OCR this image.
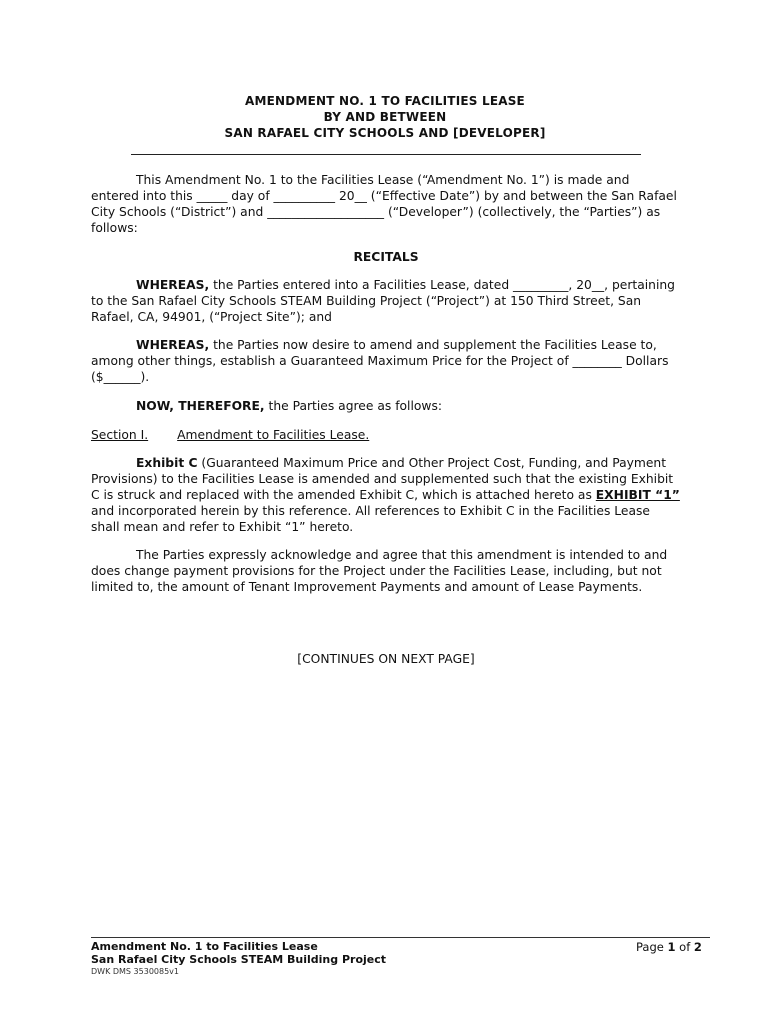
AMENDMENT NO. 1 TO FACILITIES LEASE
BY AND BETWEEN
SAN RAFAEL CITY SCHOOLS AND [DEVELOPER]
This Amendment No. 1 to the Facilities Lease (“Amendment No. 1”) is made and entered into this _____ day of __________ 20__ (“Effective Date”) by and between the San Rafael City Schools (“District”) and ___________________ (“Developer”) (collectively, the “Parties”) as follows:
RECITALS
WHEREAS, the Parties entered into a Facilities Lease, dated _________, 20__, pertaining to the San Rafael City Schools STEAM Building Project (“Project”) at 150 Third Street, San Rafael, CA, 94901, (“Project Site”); and
WHEREAS, the Parties now desire to amend and supplement the Facilities Lease to, among other things, establish a Guaranteed Maximum Price for the Project of ________ Dollars ($______).
NOW, THEREFORE, the Parties agree as follows:
Section I. Amendment to Facilities Lease.
Exhibit C (Guaranteed Maximum Price and Other Project Cost, Funding, and Payment Provisions) to the Facilities Lease is amended and supplemented such that the existing Exhibit C is struck and replaced with the amended Exhibit C, which is attached hereto as EXHIBIT “1” and incorporated herein by this reference. All references to Exhibit C in the Facilities Lease shall mean and refer to Exhibit “1” hereto.
The Parties expressly acknowledge and agree that this amendment is intended to and does change payment provisions for the Project under the Facilities Lease, including, but not limited to, the amount of Tenant Improvement Payments and amount of Lease Payments.
[CONTINUES ON NEXT PAGE]
Amendment No. 1 to Facilities Lease
San Rafael City Schools STEAM Building Project
Page 1 of 2
DWK DMS 3530085v1
